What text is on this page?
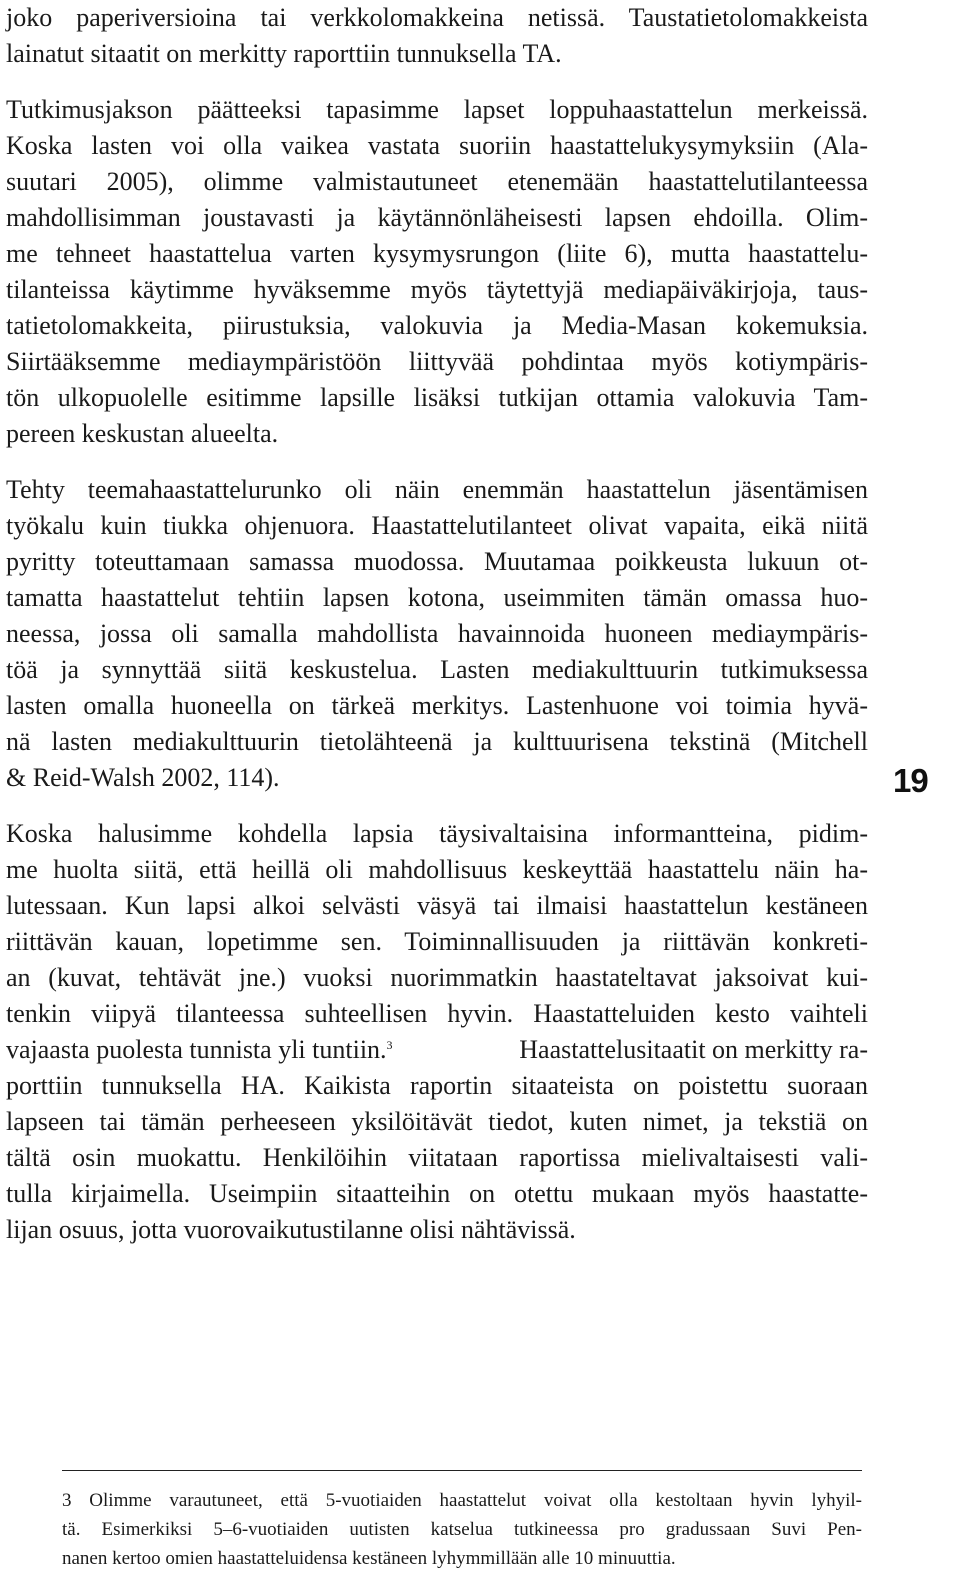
joko paperiversioina tai verkkolomakkeina netissä. Taustatietolomakkeista
lainatut sitaatit on merkitty raporttiin tunnuksella TA.
Tutkimusjakson päätteeksi tapasimme lapset loppuhaastattelun merkeissä.
Koska lasten voi olla vaikea vastata suoriin haastattelukysymyksiin (Ala-
suutari 2005), olimme valmistautuneet etenemään haastattelutilanteessa
mahdollisimman joustavasti ja käytännönläheisesti lapsen ehdoilla. Olim-
me tehneet haastattelua varten kysymysrungon (liite 6), mutta haastattelu-
tilanteissa käytimme hyväksemme myös täytettyjä mediapäiväkirjoja, taus-
tatietolomakkeita, piirustuksia, valokuvia ja Media-Masan kokemuksia.
Siirtääksemme mediaympäristöön liittyvää pohdintaa myös kotiympäris-
tön ulkopuolelle esitimme lapsille lisäksi tutkijan ottamia valokuvia Tam-
pereen keskustan alueelta.
Tehty teemahaastattelurunko oli näin enemmän haastattelun jäsentämisen
työkalu kuin tiukka ohjenuora. Haastattelutilanteet olivat vapaita, eikä niitä
pyritty toteuttamaan samassa muodossa. Muutamaa poikkeusta lukuun ot-
tamatta haastattelut tehtiin lapsen kotona, useimmiten tämän omassa huo-
neessa, jossa oli samalla mahdollista havainnoida huoneen mediaympäris-
töä ja synnyttää siitä keskustelua. Lasten mediakulttuurin tutkimuksessa
lasten omalla huoneella on tärkeä merkitys. Lastenhuone voi toimia hyvä-
nä lasten mediakulttuurin tietolähteenä ja kulttuurisena tekstinä (Mitchell
& Reid-Walsh 2002, 114).
Koska halusimme kohdella lapsia täysivaltaisina informantteina, pidim-
me huolta siitä, että heillä oli mahdollisuus keskeyttää haastattelu näin ha-
lutessaan. Kun lapsi alkoi selvästi väsyä tai ilmaisi haastattelun kestäneen
riittävän kauan, lopetimme sen. Toiminnallisuuden ja riittävän konkreti-
an (kuvat, tehtävät jne.) vuoksi nuorimmatkin haastateltavat jaksoivat kui-
tenkin viipyä tilanteessa suhteellisen hyvin. Haastatteluiden kesto vaihteli
vajaasta puolesta tunnista yli tuntiin.$^3$	Haastattelusitaatit on merkitty ra-
porttiin tunnuksella HA. Kaikista raportin sitaateista on poistettu suoraan
lapseen tai tämän perheeseen yksilöitävät tiedot, kuten nimet, ja tekstiä on
tältä osin muokattu. Henkilöihin viitataan raportissa mielivaltaisesti vali-
tulla kirjaimella. Useimpiin sitaatteihin on otettu mukaan myös haastatte-
lijan osuus, jotta vuorovaikutustilanne olisi nähtävissä.
19
3 Olimme varautuneet, että 5-vuotiaiden haastattelut voivat olla kestoltaan hyvin lyhyil-
tä. Esimerkiksi 5–6-vuotiaiden uutisten katselua tutkineessa pro gradussaan Suvi Pen-
nanen kertoo omien haastatteluidensa kestäneen lyhymmillään alle 10 minuuttia.
